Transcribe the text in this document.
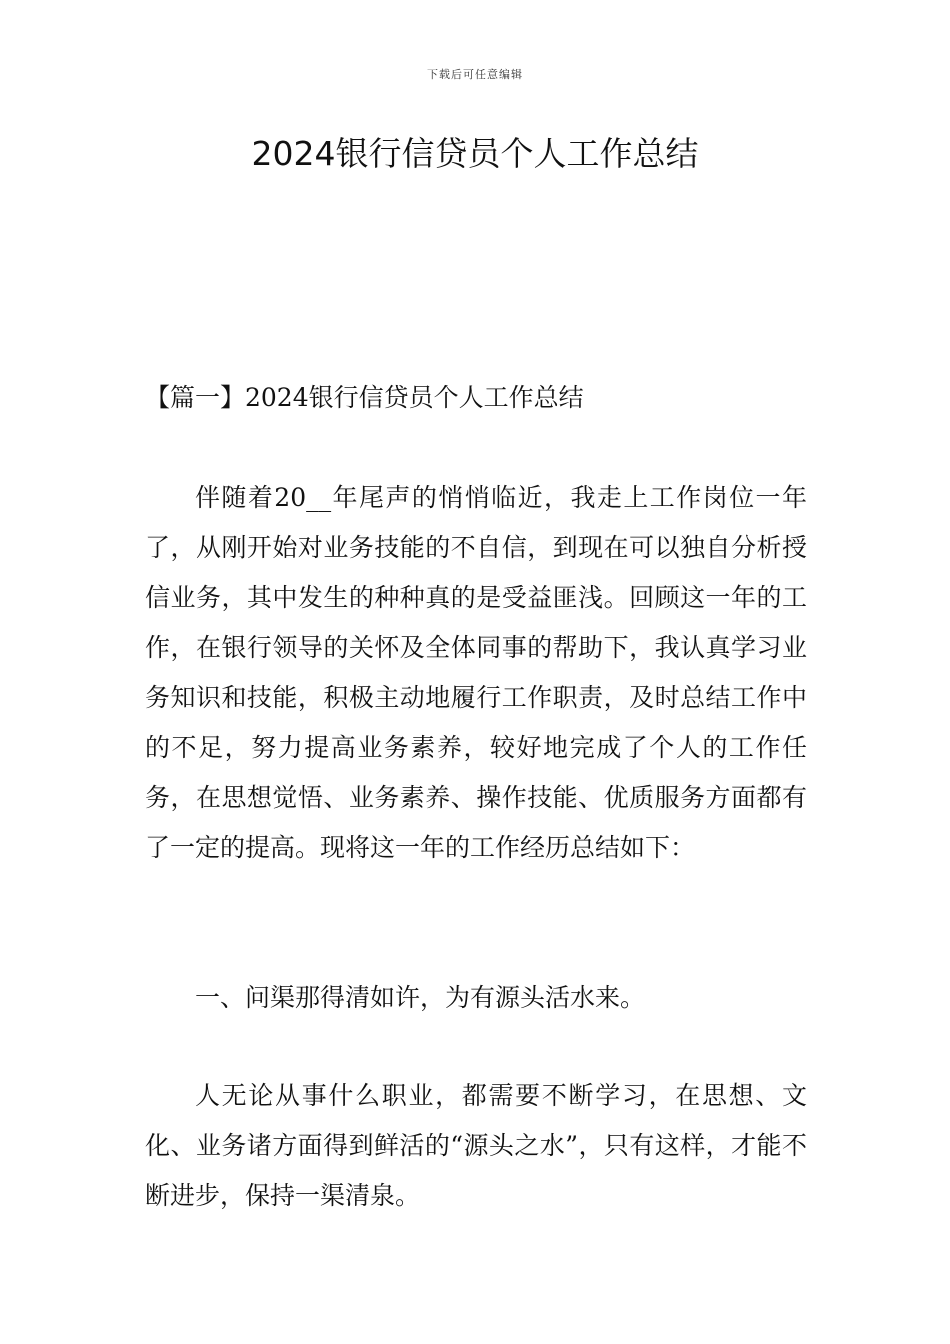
下载后可任意编辑
2024银行信贷员个人工作总结

【篇一】2024银行信贷员个人工作总结

伴随着20__年尾声的悄悄临近，我走上工作岗位一年了，从刚开始对业务技能的不自信，到现在可以独自分析授信业务，其中发生的种种真的是受益匪浅。回顾这一年的工作，在银行领导的关怀及全体同事的帮助下，我认真学习业务知识和技能，积极主动地履行工作职责，及时总结工作中的不足，努力提高业务素养，较好地完成了个人的工作任务，在思想觉悟、业务素养、操作技能、优质服务方面都有了一定的提高。现将这一年的工作经历总结如下：

一、问渠那得清如许，为有源头活水来。

人无论从事什么职业，都需要不断学习，在思想、文化、业务诸方面得到鲜活的“源头之水”，只有这样，才能不断进步，保持一渠清泉。
